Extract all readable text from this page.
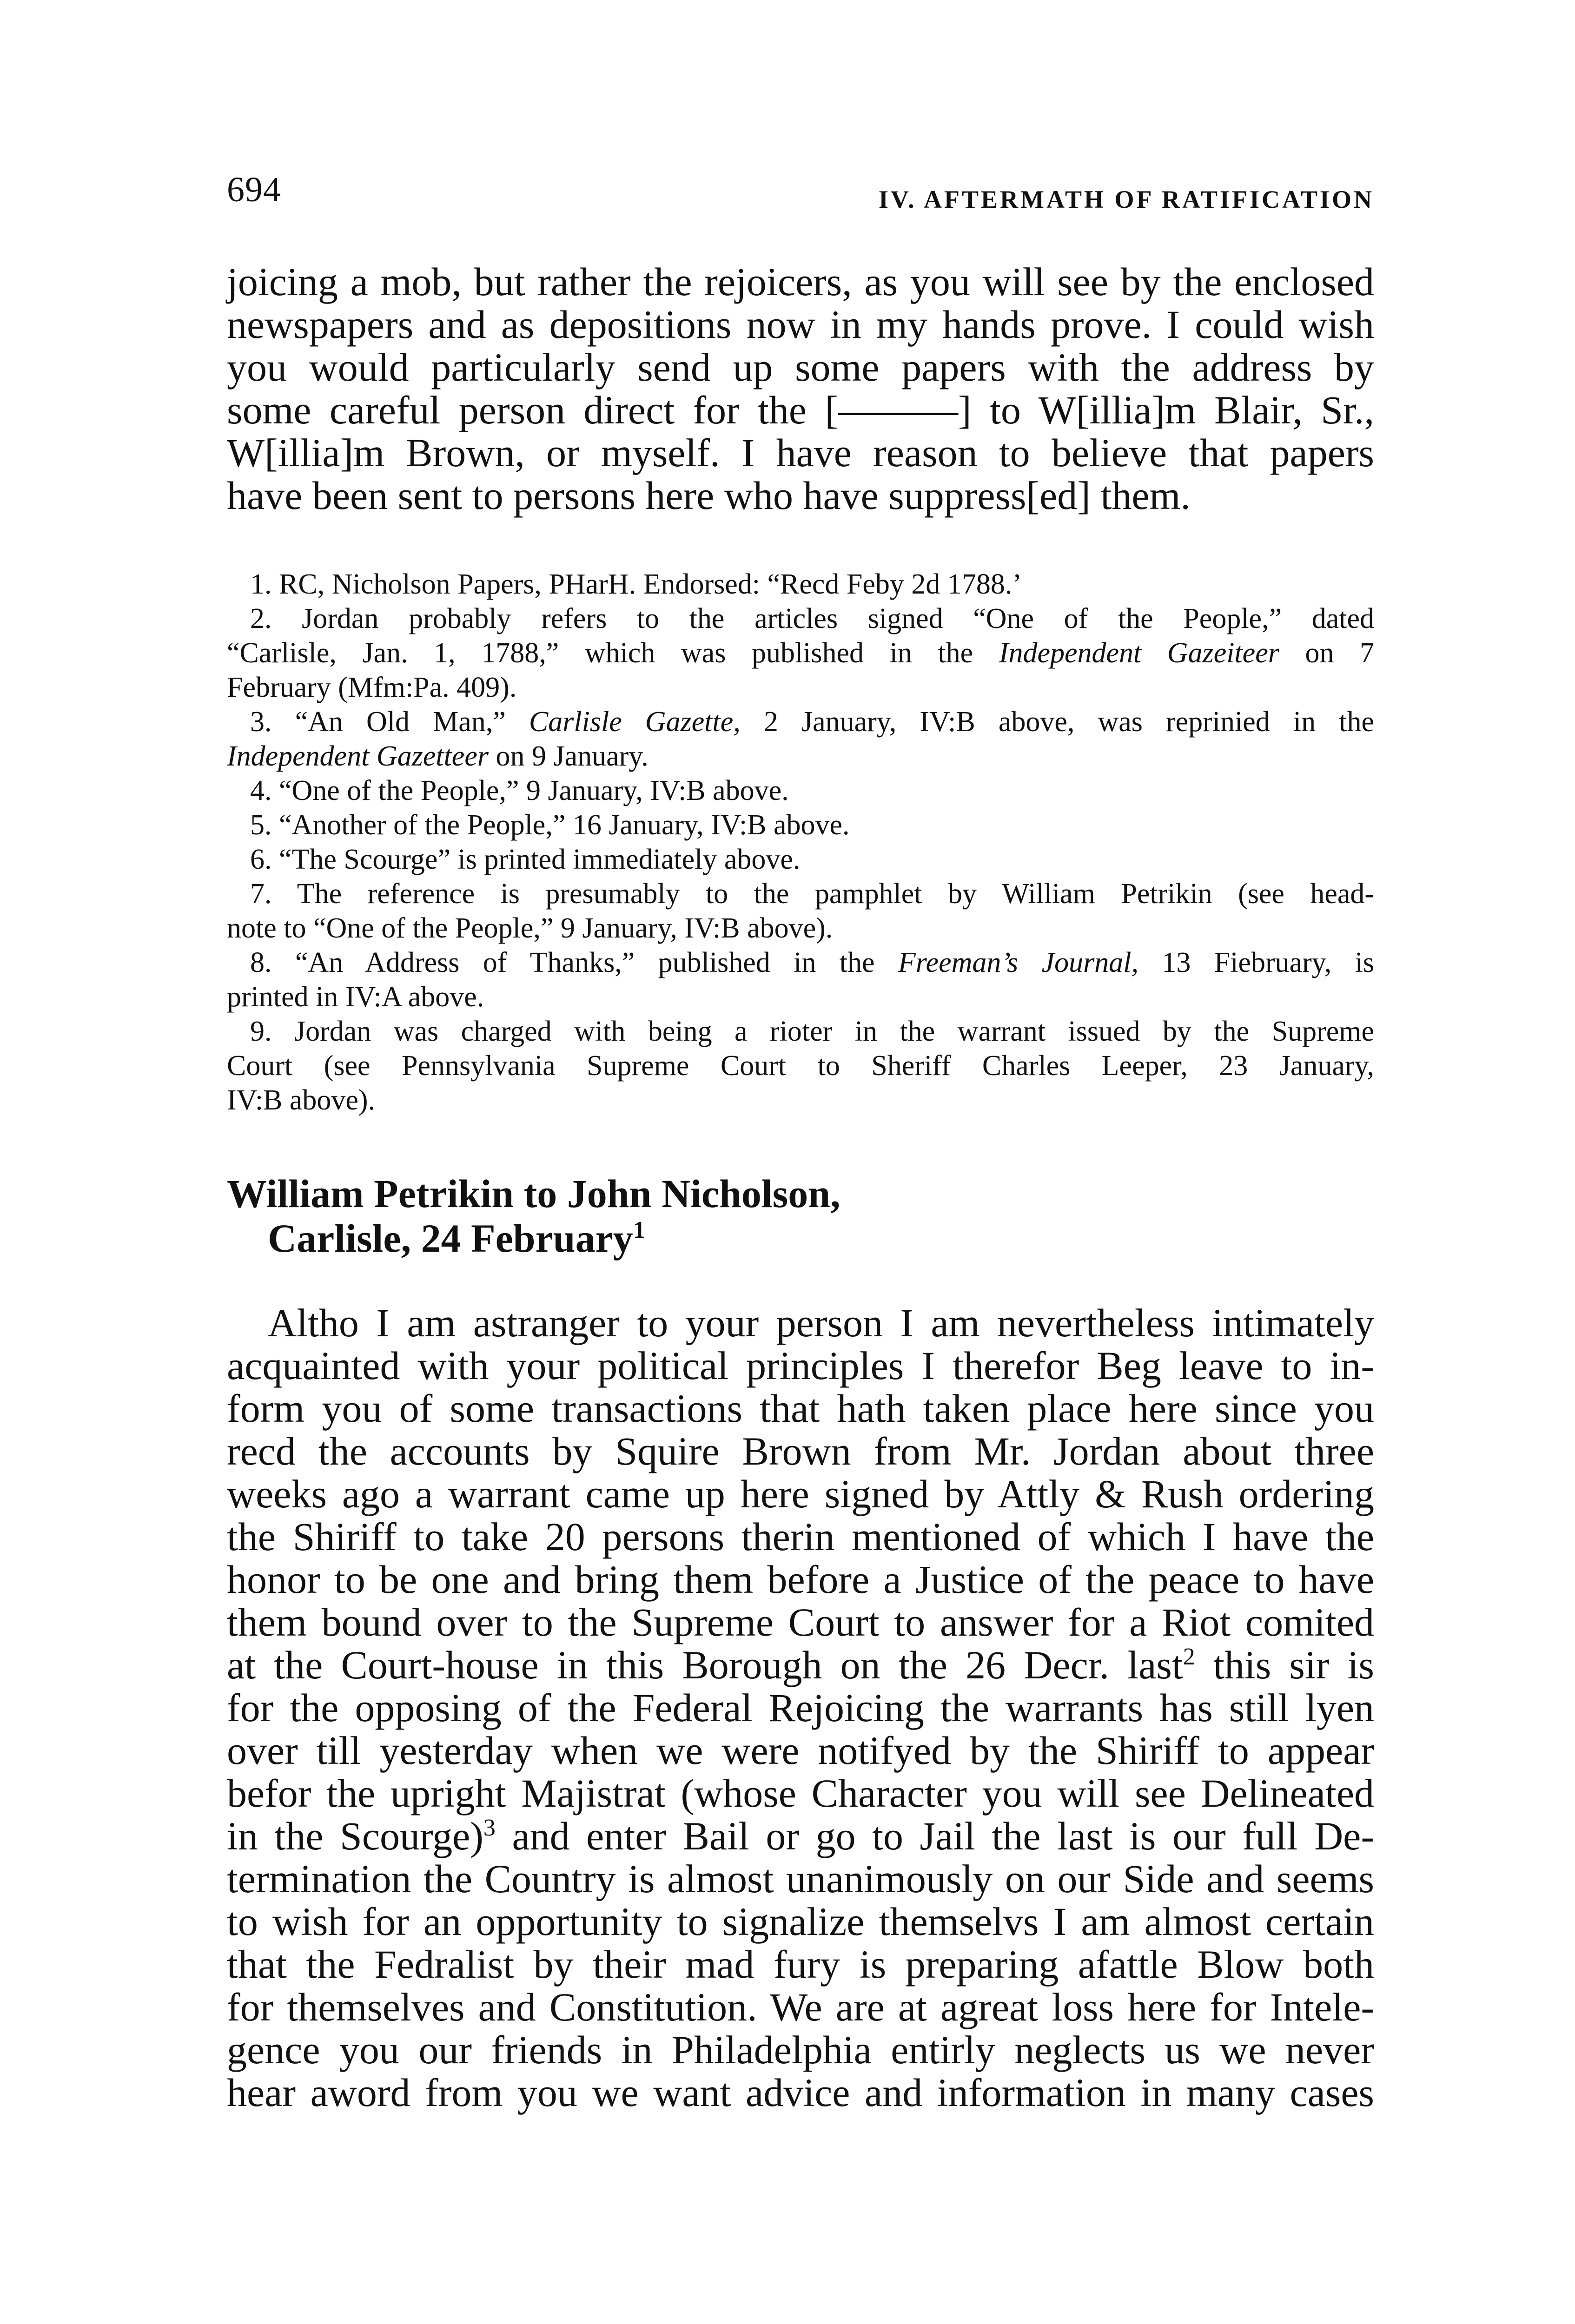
694	IV. AFTERMATH OF RATIFICATION
joicing a mob, but rather the rejoicers, as you will see by the enclosed
newspapers and as depositions now in my hands prove. I could wish
you would particularly send up some papers with the address by
some careful person direct for the [———] to W[illia]m Blair, Sr.,
W[illia]m Brown, or myself. I have reason to believe that papers
have been sent to persons here who have suppress[ed] them.
1. RC, Nicholson Papers, PHarH. Endorsed: “Recd Feby 2d 1788.’
2. Jordan probably refers to the articles signed “One of the People,” dated
“Carlisle, Jan. 1, 1788,” which was published in the Independent Gazeiteer on 7
February (Mfm:Pa. 409).
3. “An Old Man,” Carlisle Gazette, 2 January, IV:B above, was reprinied in the
Independent Gazetteer on 9 January.
4. “One of the People,” 9 January, IV:B above.
5. “Another of the People,” 16 January, IV:B above.
6. “The Scourge” is printed immediately above.
7. The reference is presumably to the pamphlet by William Petrikin (see head-
note to “One of the People,” 9 January, IV:B above).
8. “An Address of Thanks,” published in the Freeman’s Journal, 13 Fiebruary, is
printed in IV:A above.
9. Jordan was charged with being a rioter in the warrant issued by the Supreme
Court (see Pennsylvania Supreme Court to Sheriff Charles Leeper, 23 January,
IV:B above).
William Petrikin to John Nicholson,
Carlisle, 24 February$^1$
Altho I am astranger to your person I am nevertheless intimately
acquainted with your political principles I therefor Beg leave to in-
form you of some transactions that hath taken place here since you
recd the accounts by Squire Brown from Mr. Jordan about three
weeks ago a warrant came up here signed by Attly & Rush ordering
the Shiriff to take 20 persons therin mentioned of which I have the
honor to be one and bring them before a Justice of the peace to have
them bound over to the Supreme Court to answer for a Riot comited
at the Court-house in this Borough on the 26 Decr. last$^2$ this sir is
for the opposing of the Federal Rejoicing the warrants has still lyen
over till yesterday when we were notifyed by the Shiriff to appear
befor the upright Majistrat (whose Character you will see Delineated
in the Scourge)$^3$ and enter Bail or go to Jail the last is our full De-
termination the Country is almost unanimously on our Side and seems
to wish for an opportunity to signalize themselvs I am almost certain
that the Fedralist by their mad fury is preparing afattle Blow both
for themselves and Constitution. We are at agreat loss here for Intele-
gence you our friends in Philadelphia entirly neglects us we never
hear aword from you we want advice and information in many cases
